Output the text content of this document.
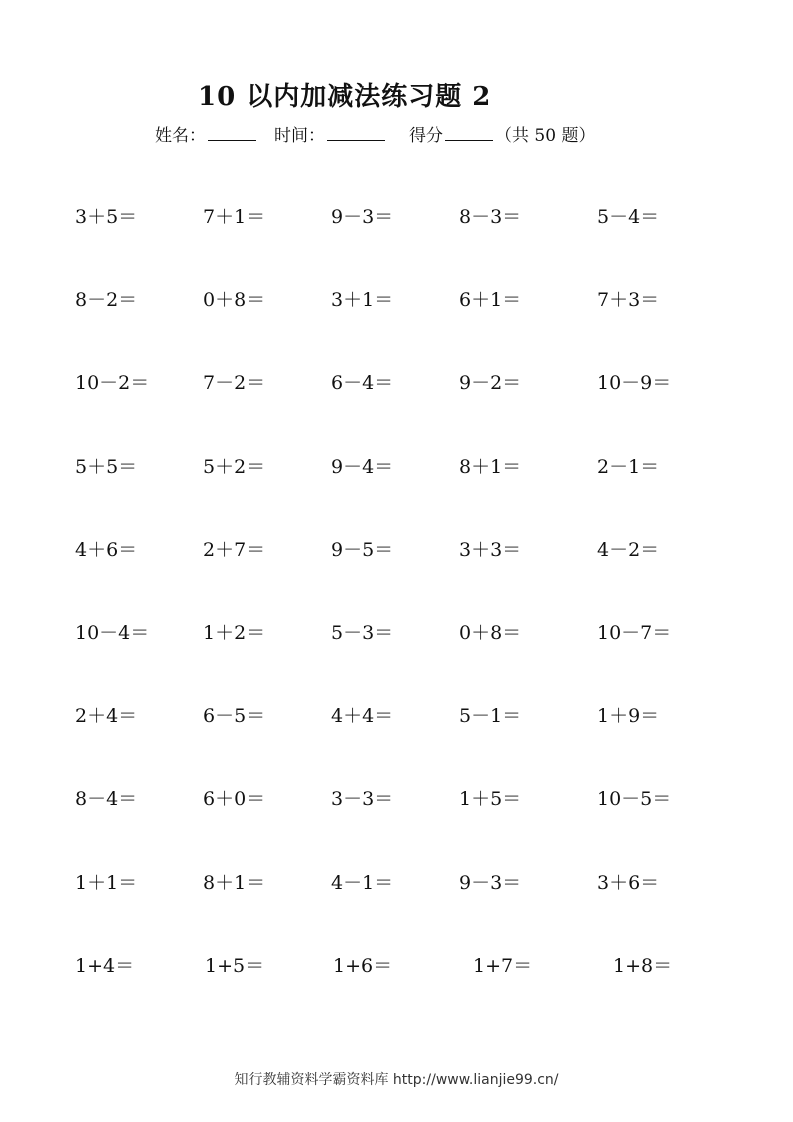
10 以内加减法练习题 2
姓名：	时间：	得分	（共 50 题）
3＋5＝	7＋1＝	9－3＝	8－3＝	5－4＝
8－2＝	0＋8＝	3＋1＝	6＋1＝	7＋3＝
10－2＝	7－2＝	6－4＝	9－2＝	10－9＝
5＋5＝	5＋2＝	9－4＝	8＋1＝	2－1＝
4＋6＝	2＋7＝	9－5＝	3＋3＝	4－2＝
10－4＝	1＋2＝	5－3＝	0＋8＝	10－7＝
2＋4＝	6－5＝	4＋4＝	5－1＝	1＋9＝
8－4＝	6＋0＝	3－3＝	1＋5＝	10－5＝
1＋1＝	8＋1＝	4－1＝	9－3＝	3＋6＝
1+4＝	1+5＝	1+6＝	1+7＝	1+8＝
知行教辅资料学霸资料库 http://www.lianjie99.cn/
